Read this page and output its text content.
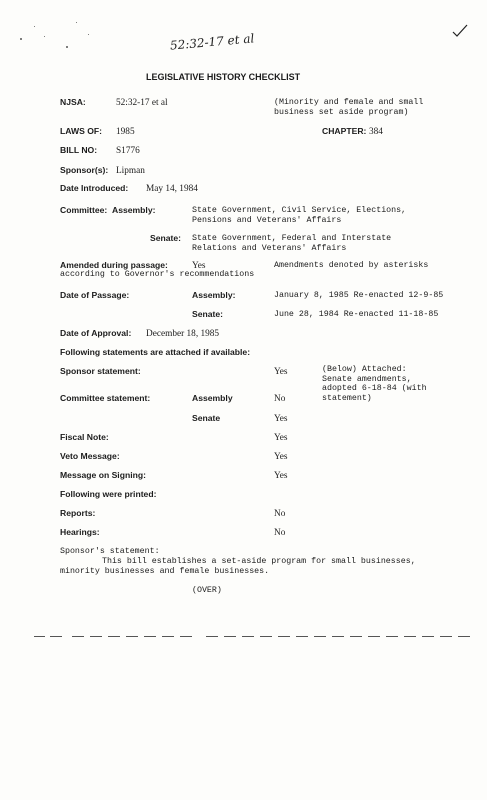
52:32-17 et al
LEGISLATIVE HISTORY CHECKLIST
NJSA:	52:32-17 et al	(Minority and female and small business set aside program)
LAWS OF: 1985	CHAPTER: 384
BILL NO: S1776
Sponsor(s): Lipman
Date Introduced: May 14, 1984
Committee: Assembly:	State Government, Civil Service, Elections, Pensions and Veterans' Affairs
Senate: State Government, Federal and Interstate Relations and Veterans' Affairs
Amended during passage:	Yes	Amendments denoted by asterisks
according to Governor's recommendations
Date of Passage:	Assembly:	January 8, 1985 Re-enacted 12-9-85
Senate:	June 28, 1984 Re-enacted 11-18-85
Date of Approval: December 18, 1985
Following statements are attached if available:
Sponsor statement:	Yes	(Below) Attached: Senate amendments, adopted 6-18-84 (with statement)
Committee statement:	Assembly	No
Senate	Yes
Fiscal Note:	Yes
Veto Message:	Yes
Message on Signing:	Yes
Following were printed:
Reports:	No
Hearings:	No
Sponsor's statement:
This bill establishes a set-aside program for small businesses, minority businesses and female businesses.
(OVER)
